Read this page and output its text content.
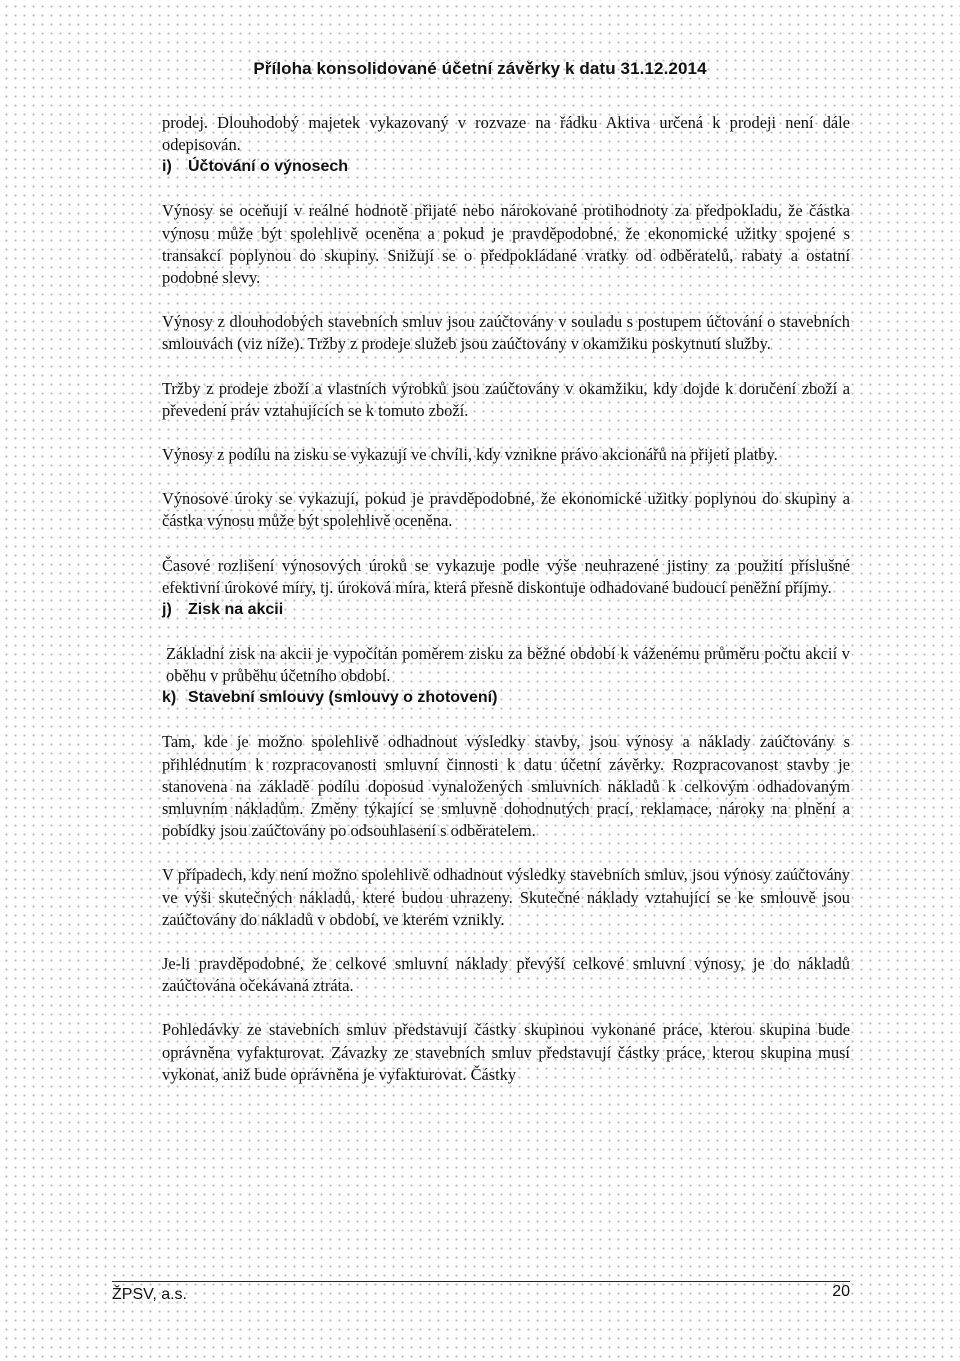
Příloha konsolidované účetní závěrky k datu 31.12.2014

prodej. Dlouhodobý majetek vykazovaný v rozvaze na řádku Aktiva určená k prodeji není dále odepisován.

i) Účtování o výnosech

Výnosy se oceňují v reálné hodnotě přijaté nebo nárokované protihodnoty za předpokladu, že částka výnosu může být spolehlivě oceněna a pokud je pravděpodobné, že ekonomické užitky spojené s transakcí poplynou do skupiny. Snižují se o předpokládané vratky od odběratelů, rabaty a ostatní podobné slevy.

Výnosy z dlouhodobých stavebních smluv jsou zaúčtovány v souladu s postupem účtování o stavebních smlouvách (viz níže). Tržby z prodeje služeb jsou zaúčtovány v okamžiku poskytnutí služby.

Tržby z prodeje zboží a vlastních výrobků jsou zaúčtovány v okamžiku, kdy dojde k doručení zboží a převedení práv vztahujících se k tomuto zboží.

Výnosy z podílu na zisku se vykazují ve chvíli, kdy vznikne právo akcionářů na přijetí platby.

Výnosové úroky se vykazují, pokud je pravděpodobné, že ekonomické užitky poplynou do skupiny a částka výnosu může být spolehlivě oceněna.

Časové rozlišení výnosových úroků se vykazuje podle výše neuhrazené jistiny za použití příslušné efektivní úrokové míry, tj. úroková míra, která přesně diskontuje odhadované budoucí peněžní příjmy.

j) Zisk na akcii

Základní zisk na akcii je vypočítán poměrem zisku za běžné období k váženému průměru počtu akcií v oběhu v průběhu účetního období.

k) Stavební smlouvy (smlouvy o zhotovení)

Tam, kde je možno spolehlivě odhadnout výsledky stavby, jsou výnosy a náklady zaúčtovány s přihlédnutím k rozpracovanosti smluvní činnosti k datu účetní závěrky. Rozpracovanost stavby je stanovena na základě podílu doposud vynaložených smluvních nákladů k celkovým odhadovaným smluvním nákladům. Změny týkající se smluvně dohodnutých prací, reklamace, nároky na plnění a pobídky jsou zaúčtovány po odsouhlasení s odběratelem.

V případech, kdy není možno spolehlivě odhadnout výsledky stavebních smluv, jsou výnosy zaúčtovány ve výši skutečných nákladů, které budou uhrazeny. Skutečné náklady vztahující se ke smlouvě jsou zaúčtovány do nákladů v období, ve kterém vznikly.

Je-li pravděpodobné, že celkové smluvní náklady převýší celkové smluvní výnosy, je do nákladů zaúčtována očekávaná ztráta.

Pohledávky ze stavebních smluv představují částky skupinou vykonané práce, kterou skupina bude oprávněna vyfakturovat. Závazky ze stavebních smluv představují částky práce, kterou skupina musí vykonat, aniž bude oprávněna je vyfakturovat. Částky

ŽPSV, a.s.	20
